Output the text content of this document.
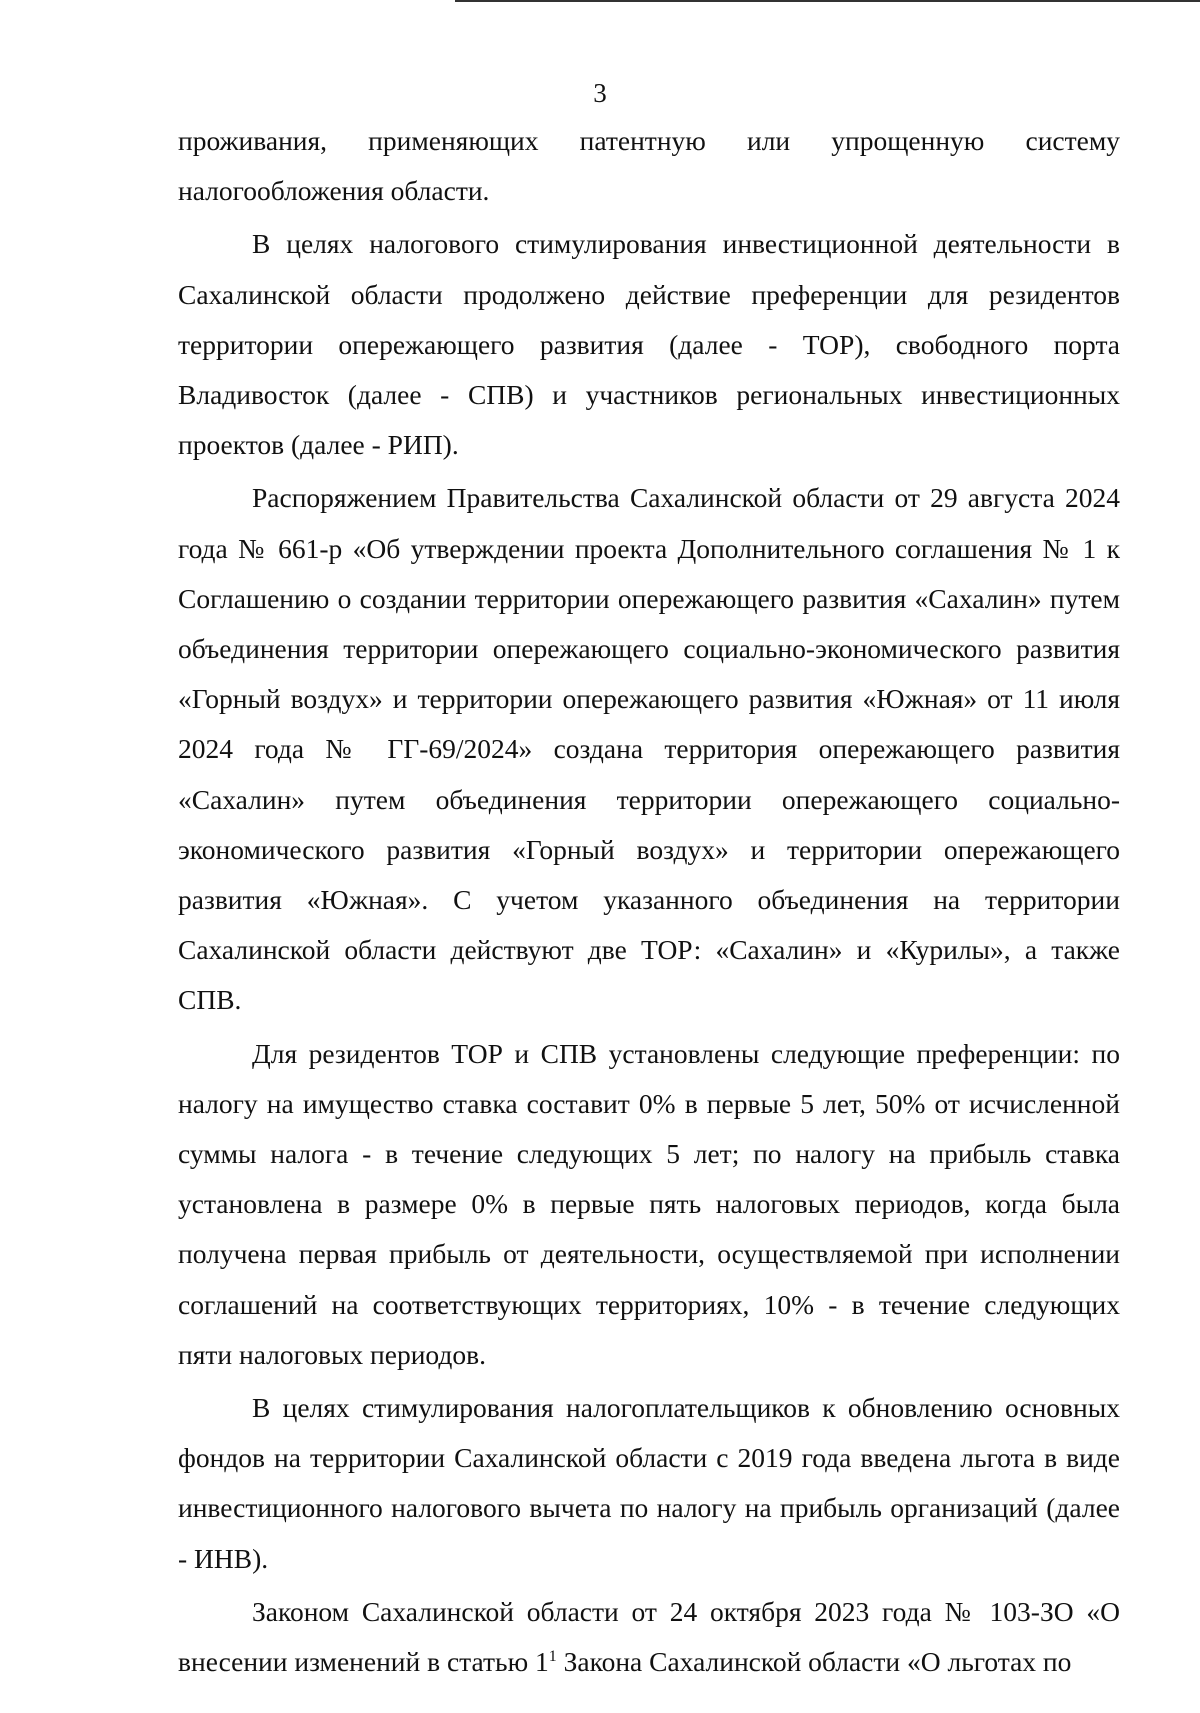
3

проживания, применяющих патентную или упрощенную систему налогообложения области.

В целях налогового стимулирования инвестиционной деятельности в Сахалинской области продолжено действие преференции для резидентов территории опережающего развития (далее - ТОР), свободного порта Владивосток (далее - СПВ) и участников региональных инвестиционных проектов (далее - РИП).

Распоряжением Правительства Сахалинской области от 29 августа 2024 года № 661-р «Об утверждении проекта Дополнительного соглашения № 1 к Соглашению о создании территории опережающего развития «Сахалин» путем объединения территории опережающего социально-экономического развития «Горный воздух» и территории опережающего развития «Южная» от 11 июля 2024 года № ГГ-69/2024» создана территория опережающего развития «Сахалин» путем объединения территории опережающего социально-экономического развития «Горный воздух» и территории опережающего развития «Южная». С учетом указанного объединения на территории Сахалинской области действуют две ТОР: «Сахалин» и «Курилы», а также СПВ.

Для резидентов ТОР и СПВ установлены следующие преференции: по налогу на имущество ставка составит 0% в первые 5 лет, 50% от исчисленной суммы налога - в течение следующих 5 лет; по налогу на прибыль ставка установлена в размере 0% в первые пять налоговых периодов, когда была получена первая прибыль от деятельности, осуществляемой при исполнении соглашений на соответствующих территориях, 10% - в течение следующих пяти налоговых периодов.

В целях стимулирования налогоплательщиков к обновлению основных фондов на территории Сахалинской области с 2019 года введена льгота в виде инвестиционного налогового вычета по налогу на прибыль организаций (далее - ИНВ).

Законом Сахалинской области от 24 октября 2023 года № 103-ЗО «О внесении изменений в статью $1^1$ Закона Сахалинской области «О льготах по
